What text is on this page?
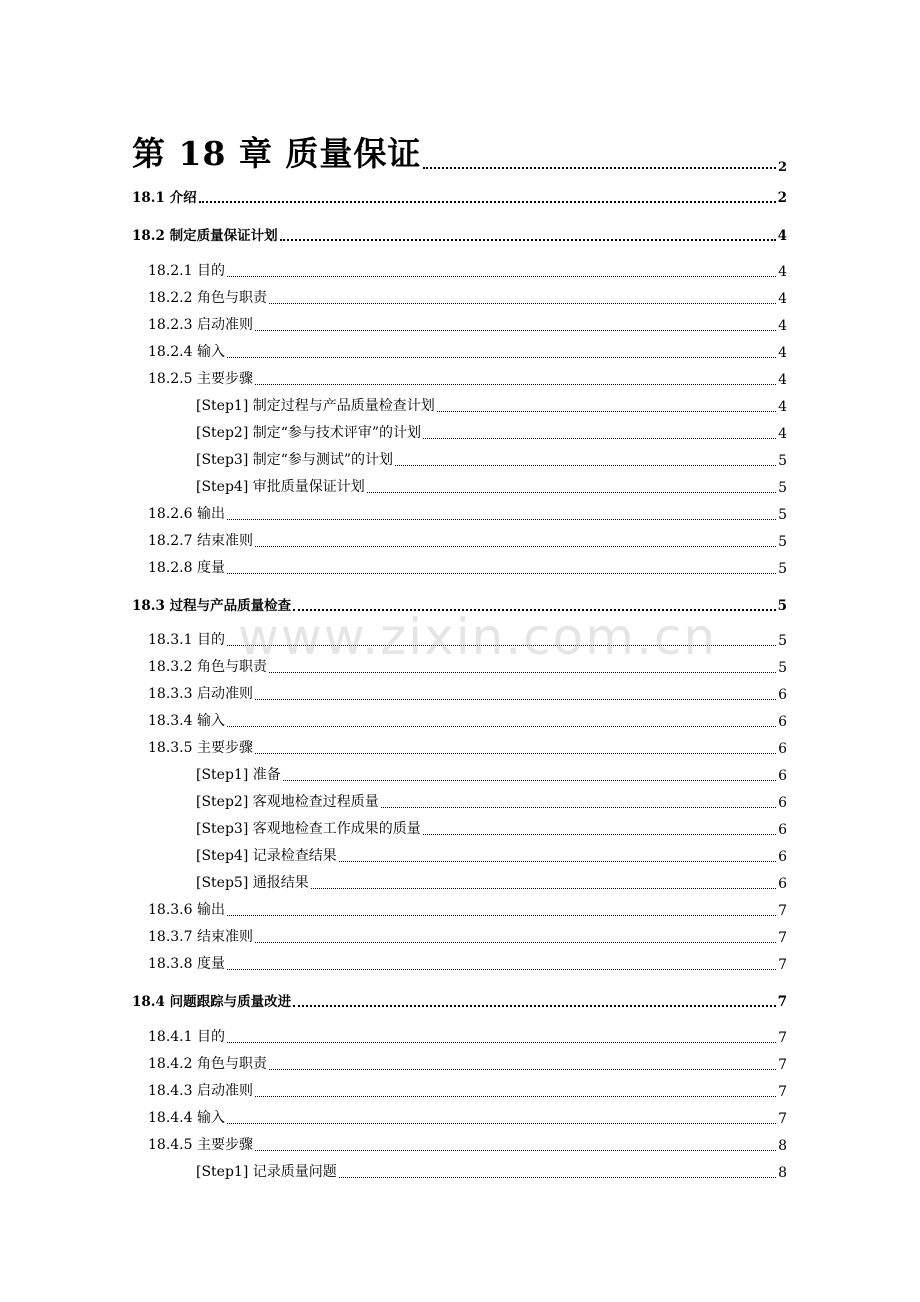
第 18 章 质量保证	2
18.1 介绍	2
18.2 制定质量保证计划	4
18.2.1 目的	4
18.2.2 角色与职责	4
18.2.3 启动准则	4
18.2.4 输入	4
18.2.5 主要步骤	4
[Step1] 制定过程与产品质量检查计划	4
[Step2] 制定“参与技术评审”的计划	4
[Step3] 制定“参与测试”的计划	5
[Step4] 审批质量保证计划	5
18.2.6 输出	5
18.2.7 结束准则	5
18.2.8 度量	5
18.3 过程与产品质量检查	5
18.3.1 目的	5
18.3.2 角色与职责	5
18.3.3 启动准则	6
18.3.4 输入	6
18.3.5 主要步骤	6
[Step1] 准备	6
[Step2] 客观地检查过程质量	6
[Step3] 客观地检查工作成果的质量	6
[Step4] 记录检查结果	6
[Step5] 通报结果	6
18.3.6 输出	7
18.3.7 结束准则	7
18.3.8 度量	7
18.4 问题跟踪与质量改进	7
18.4.1 目的	7
18.4.2 角色与职责	7
18.4.3 启动准则	7
18.4.4 输入	7
18.4.5 主要步骤	8
[Step1] 记录质量问题	8
www.zixin.com.cn
